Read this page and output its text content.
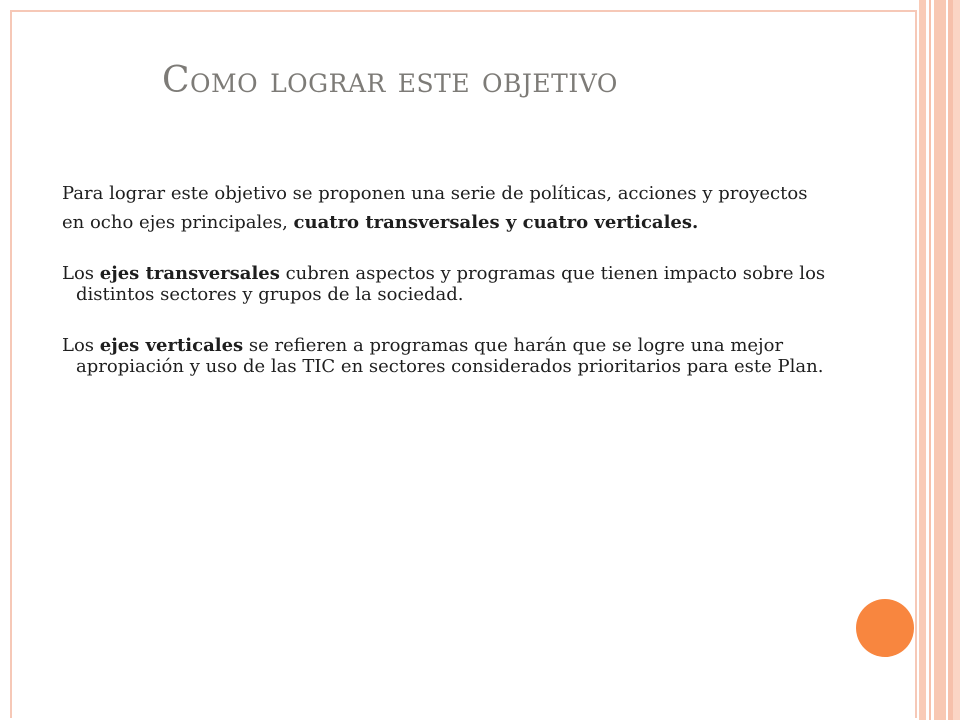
Como lograr este objetivo

Para lograr este objetivo se proponen una serie de políticas, acciones y proyectos

en ocho ejes principales, cuatro transversales y cuatro verticales.

Los ejes transversales cubren aspectos y programas que tienen impacto sobre los distintos sectores y grupos de la sociedad.

Los ejes verticales se refieren a programas que harán que se logre una mejor apropiación y uso de las TIC en sectores considerados prioritarios para este Plan.
